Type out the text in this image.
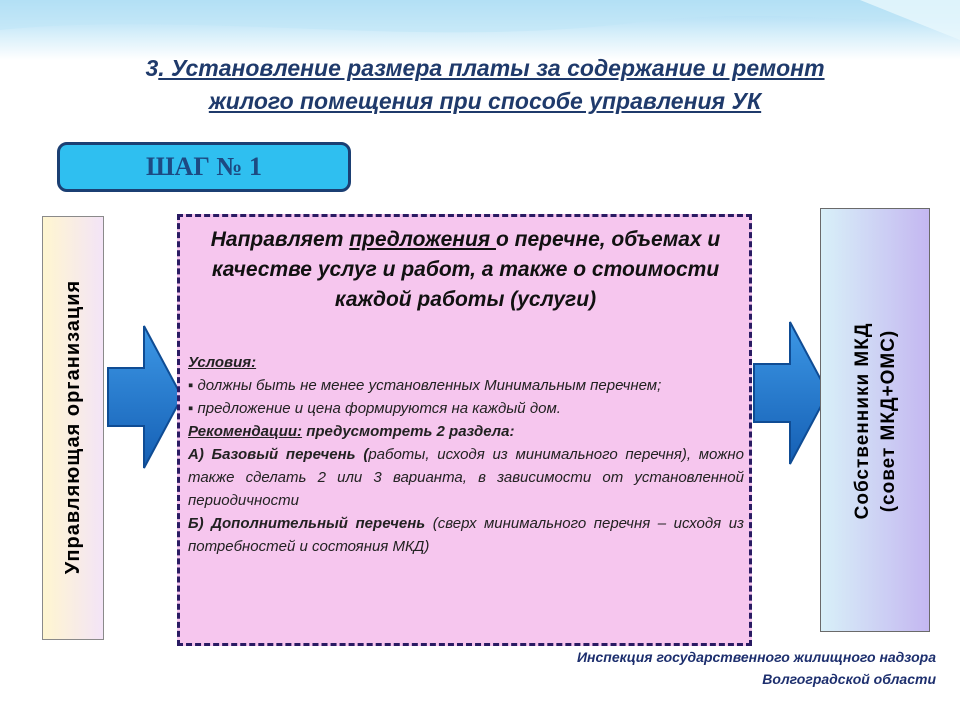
3. Установление размера платы за содержание и ремонт
жилого помещения при способе управления УК
ШАГ № 1
Управляющая организация
Направляет предложения о перечне, объемах и качестве услуг и работ, а также о стоимости каждой работы (услуги)

Условия:

▪ должны быть не менее установленных Минимальным перечнем;

▪ предложение и цена формируются на каждый дом.

Рекомендации: предусмотреть 2 раздела:

А) Базовый перечень (работы, исходя из минимального перечня), можно также сделать 2 или 3 варианта, в зависимости от установленной периодичности

Б) Дополнительный перечень (сверх минимального перечня – исходя из потребностей и состояния МКД)

Собственники МКД (совет МКД+ОМС)
Инспекция государственного жилищного надзора
Волгоградской области
